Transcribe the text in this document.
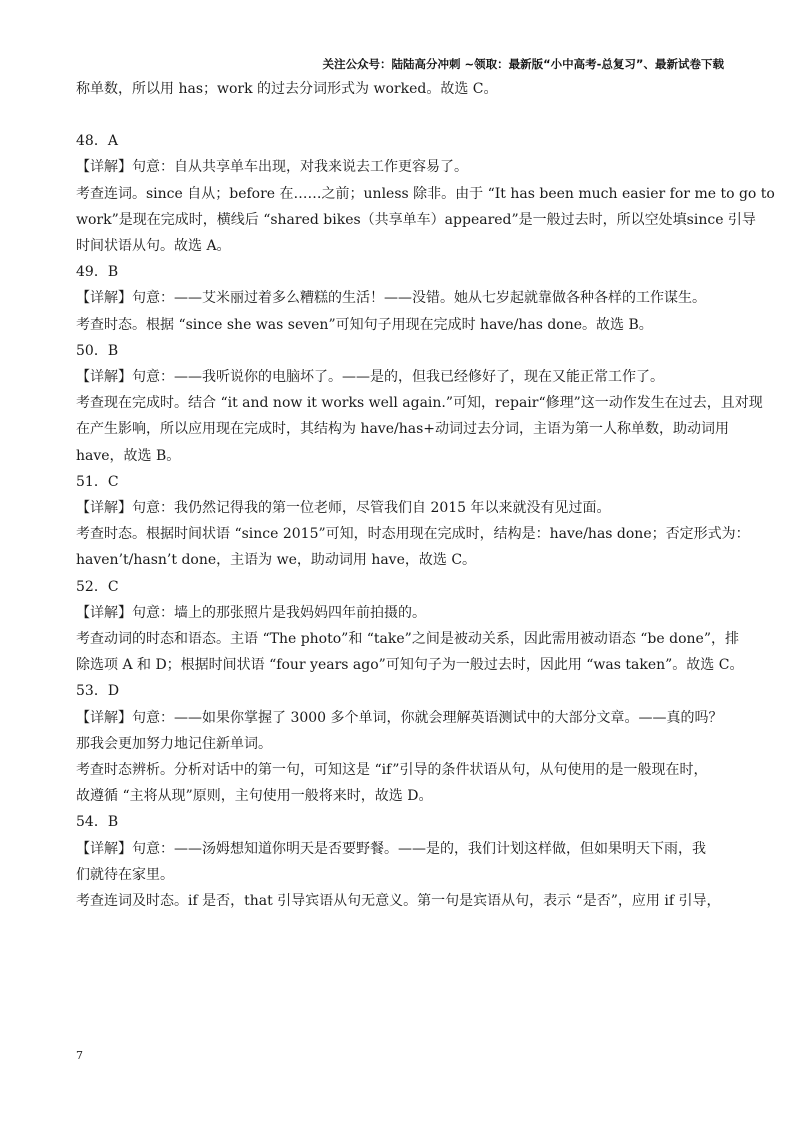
关注公众号：陆陆高分冲刺 ~领取：最新版“小中高考-总复习”、最新试卷下载
称单数，所以用 has；work 的过去分词形式为 worked。故选 C。
48．A
【详解】句意：自从共享单车出现，对我来说去工作更容易了。
考查连词。since 自从；before 在……之前；unless 除非。由于 “It has been much easier for me to go to
work”是现在完成时，横线后 “shared bikes（共享单车）appeared”是一般过去时，所以空处填since 引导
时间状语从句。故选 A。
49．B
【详解】句意：——艾米丽过着多么糟糕的生活！——没错。她从七岁起就靠做各种各样的工作谋生。
考查时态。根据 “since she was seven”可知句子用现在完成时 have/has done。故选 B。
50．B
【详解】句意：——我听说你的电脑坏了。——是的，但我已经修好了，现在又能正常工作了。
考查现在完成时。结合 “it and now it works well again.”可知，repair“修理”这一动作发生在过去，且对现
在产生影响，所以应用现在完成时，其结构为 have/has+动词过去分词，主语为第一人称单数，助动词用
have，故选 B。
51．C
【详解】句意：我仍然记得我的第一位老师，尽管我们自 2015 年以来就没有见过面。
考查时态。根据时间状语 “since 2015”可知，时态用现在完成时，结构是：have/has done；否定形式为：
haven’t/hasn’t done，主语为 we，助动词用 have，故选 C。
52．C
【详解】句意：墙上的那张照片是我妈妈四年前拍摄的。
考查动词的时态和语态。主语 “The photo”和 “take”之间是被动关系，因此需用被动语态 “be done”，排
除选项 A 和 D；根据时间状语 “four years ago”可知句子为一般过去时，因此用 “was taken”。故选 C。
53．D
【详解】句意：——如果你掌握了 3000 多个单词，你就会理解英语测试中的大部分文章。——真的吗？
那我会更加努力地记住新单词。
考查时态辨析。分析对话中的第一句，可知这是 “if”引导的条件状语从句，从句使用的是一般现在时，
故遵循 “主将从现”原则，主句使用一般将来时，故选 D。
54．B
【详解】句意：——汤姆想知道你明天是否要野餐。——是的，我们计划这样做，但如果明天下雨，我
们就待在家里。
考查连词及时态。if 是否，that 引导宾语从句无意义。第一句是宾语从句，表示 “是否”，应用 if 引导，
7
